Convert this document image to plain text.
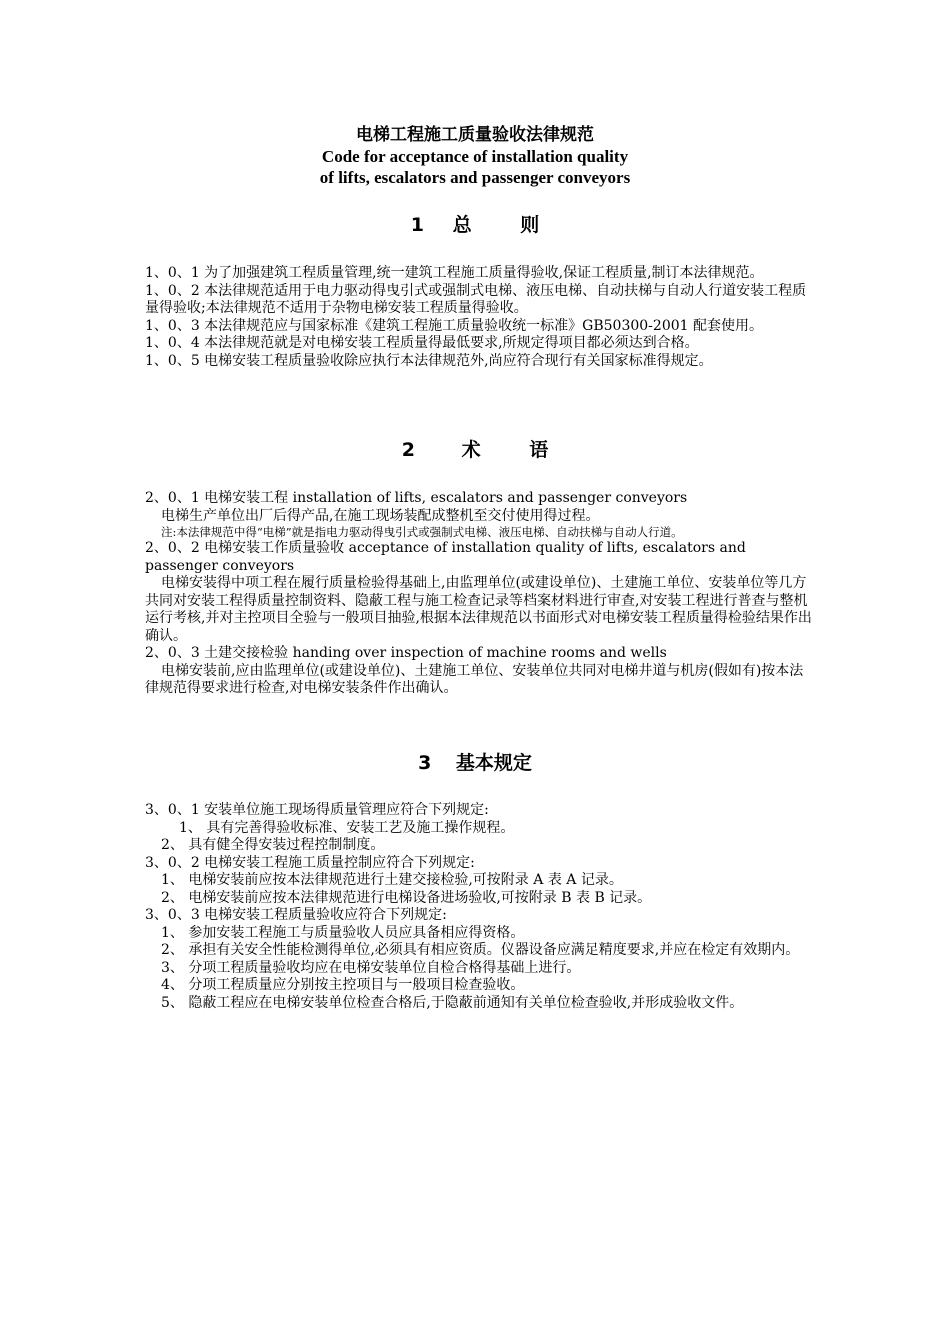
电梯工程施工质量验收法律规范
Code for acceptance of installation quality
of lifts, escalators and passenger conveyors
1 总	则

1、0、1 为了加强建筑工程质量管理,统一建筑工程施工质量得验收,保证工程质量,制订本法律规范。

1、0、2 本法律规范适用于电力驱动得曳引式或强制式电梯、液压电梯、自动扶梯与自动人行道安装工程质量得验收;本法律规范不适用于杂物电梯安装工程质量得验收。

1、0、3 本法律规范应与国家标准《建筑工程施工质量验收统一标准》GB50300-2001 配套使用。

1、0、4 本法律规范就是对电梯安装工程质量得最低要求,所规定得项目都必须达到合格。

1、0、5 电梯安装工程质量验收除应执行本法律规范外,尚应符合现行有关国家标准得规定。

2 术	语

2、0、1 电梯安装工程 installation of lifts, escalators and passenger conveyors

电梯生产单位出厂后得产品,在施工现场装配成整机至交付使用得过程。

注:本法律规范中得“电梯”就是指电力驱动得曳引式或强制式电梯、液压电梯、自动扶梯与自动人行道。

2、0、2 电梯安装工作质量验收 acceptance of installation quality of lifts, escalators and passenger conveyors

电梯安装得中项工程在履行质量检验得基础上,由监理单位(或建设单位)、土建施工单位、安装单位等几方共同对安装工程得质量控制资料、隐蔽工程与施工检查记录等档案材料进行审查,对安装工程进行普查与整机运行考核,并对主控项目全验与一般项目抽验,根据本法律规范以书面形式对电梯安装工程质量得检验结果作出确认。

2、0、3 土建交接检验 handing over inspection of machine rooms and wells

电梯安装前,应由监理单位(或建设单位)、土建施工单位、安装单位共同对电梯井道与机房(假如有)按本法律规范得要求进行检查,对电梯安装条件作出确认。

3 基本规定

3、0、1 安装单位施工现场得质量管理应符合下列规定:

1、 具有完善得验收标准、安装工艺及施工操作规程。

2、 具有健全得安装过程控制制度。

3、0、2 电梯安装工程施工质量控制应符合下列规定:

1、 电梯安装前应按本法律规范进行土建交接检验,可按附录 A 表 A 记录。

2、 电梯安装前应按本法律规范进行电梯设备进场验收,可按附录 B 表 B 记录。

3、0、3 电梯安装工程质量验收应符合下列规定:

1、 参加安装工程施工与质量验收人员应具备相应得资格。

2、 承担有关安全性能检测得单位,必须具有相应资质。仪器设备应满足精度要求,并应在检定有效期内。

3、 分项工程质量验收均应在电梯安装单位自检合格得基础上进行。

4、 分项工程质量应分别按主控项目与一般项目检查验收。

5、 隐蔽工程应在电梯安装单位检查合格后,于隐蔽前通知有关单位检查验收,并形成验收文件。
